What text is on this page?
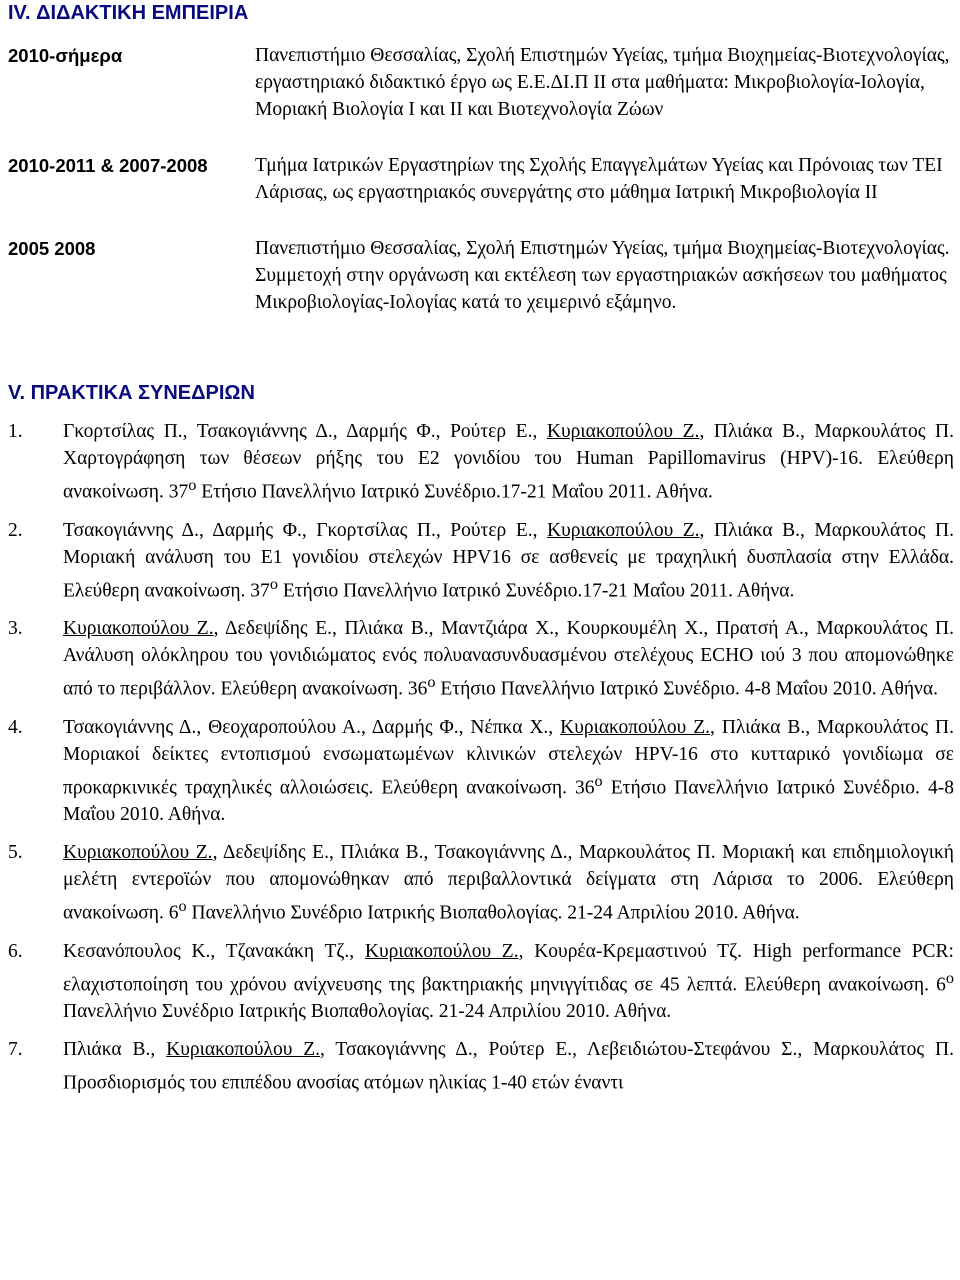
IV. ΔΙΔΑΚΤΙΚΗ ΕΜΠΕΙΡΙΑ
2010-σήμερα	Πανεπιστήμιο Θεσσαλίας, Σχολή Επιστημών Υγείας, τμήμα Βιοχημείας-Βιοτεχνολογίας, εργαστηριακό διδακτικό έργο ως Ε.Ε.ΔΙ.Π ΙΙ στα μαθήματα: Μικροβιολογία-Ιολογία, Μοριακή Βιολογία Ι και ΙΙ και Βιοτεχνολογία Ζώων
2010-2011 & 2007-2008	Τμήμα Ιατρικών Εργαστηρίων της Σχολής Επαγγελμάτων Υγείας και Πρόνοιας των ΤΕΙ Λάρισας, ως εργαστηριακός συνεργάτης στο μάθημα Ιατρική Μικροβιολογία ΙΙ
2005 2008	Πανεπιστήμιο Θεσσαλίας, Σχολή Επιστημών Υγείας, τμήμα Βιοχημείας-Βιοτεχνολογίας. Συμμετοχή στην οργάνωση και εκτέλεση των εργαστηριακών ασκήσεων του μαθήματος Μικροβιολογίας-Ιολογίας κατά το χειμερινό εξάμηνο.
V. ΠΡΑΚΤΙΚΑ ΣΥΝΕΔΡΙΩΝ
1.	Γκορτσίλας Π., Τσακογιάννης Δ., Δαρμής Φ., Ρούτερ Ε., Κυριακοπούλου Ζ., Πλιάκα Β., Μαρκουλάτος Π. Χαρτογράφηση των θέσεων ρήξης του Ε2 γονιδίου του Human Papillomavirus (HPV)-16. Ελεύθερη ανακοίνωση. $37^o$ Ετήσιο Πανελλήνιο Ιατρικό Συνέδριο.17-21 Μαΐου 2011. Αθήνα.
2.	Τσακογιάννης Δ., Δαρμής Φ., Γκορτσίλας Π., Ρούτερ Ε., Κυριακοπούλου Ζ., Πλιάκα Β., Μαρκουλάτος Π. Μοριακή ανάλυση του Ε1 γονιδίου στελεχών HPV16 σε ασθενείς με τραχηλική δυσπλασία στην Ελλάδα. Ελεύθερη ανακοίνωση. $37^o$ Ετήσιο Πανελλήνιο Ιατρικό Συνέδριο.17-21 Μαΐου 2011. Αθήνα.
3.	Κυριακοπούλου Ζ., Δεδεψίδης Ε., Πλιάκα Β., Μαντζιάρα Χ., Κουρκουμέλη Χ., Πρατσή Α., Μαρκουλάτος Π. Ανάλυση ολόκληρου του γονιδιώματος ενός πολυανασυνδυασμένου στελέχους ECHO ιού 3 που απομονώθηκε από το περιβάλλον. Ελεύθερη ανακοίνωση. $36^o$ Ετήσιο Πανελλήνιο Ιατρικό Συνέδριο. 4-8 Μαΐου 2010. Αθήνα.
4.	Τσακογιάννης Δ., Θεοχαροπούλου Α., Δαρμής Φ., Νέπκα Χ., Κυριακοπούλου Ζ., Πλιάκα Β., Μαρκουλάτος Π. Μοριακοί δείκτες εντοπισμού ενσωματωμένων κλινικών στελεχών HPV-16 στο κυτταρικό γονιδίωμα σε προκαρκινικές τραχηλικές αλλοιώσεις. Ελεύθερη ανακοίνωση. $36^o$ Ετήσιο Πανελλήνιο Ιατρικό Συνέδριο. 4-8 Μαΐου 2010. Αθήνα.
5.	Κυριακοπούλου Ζ., Δεδεψίδης Ε., Πλιάκα Β., Τσακογιάννης Δ., Μαρκουλάτος Π. Μοριακή και επιδημιολογική μελέτη εντεροϊών που απομονώθηκαν από περιβαλλοντικά δείγματα στη Λάρισα το 2006. Ελεύθερη ανακοίνωση. $6^o$ Πανελλήνιο Συνέδριο Ιατρικής Βιοπαθολογίας. 21-24 Απριλίου 2010. Αθήνα.
6.	Κεσανόπουλος Κ., Τζανακάκη Τζ., Κυριακοπούλου Ζ., Κουρέα-Κρεμαστινού Τζ. High performance PCR: ελαχιστοποίηση του χρόνου ανίχνευσης της βακτηριακής μηνιγγίτιδας σε 45 λεπτά. Ελεύθερη ανακοίνωση. $6^o$ Πανελλήνιο Συνέδριο Ιατρικής Βιοπαθολογίας. 21-24 Απριλίου 2010. Αθήνα.
7.	Πλιάκα Β., Κυριακοπούλου Ζ., Τσακογιάννης Δ., Ρούτερ Ε., Λεβειδιώτου-Στεφάνου Σ., Μαρκουλάτος Π. Προσδιορισμός του επιπέδου ανοσίας ατόμων ηλικίας 1-40 ετών έναντι
